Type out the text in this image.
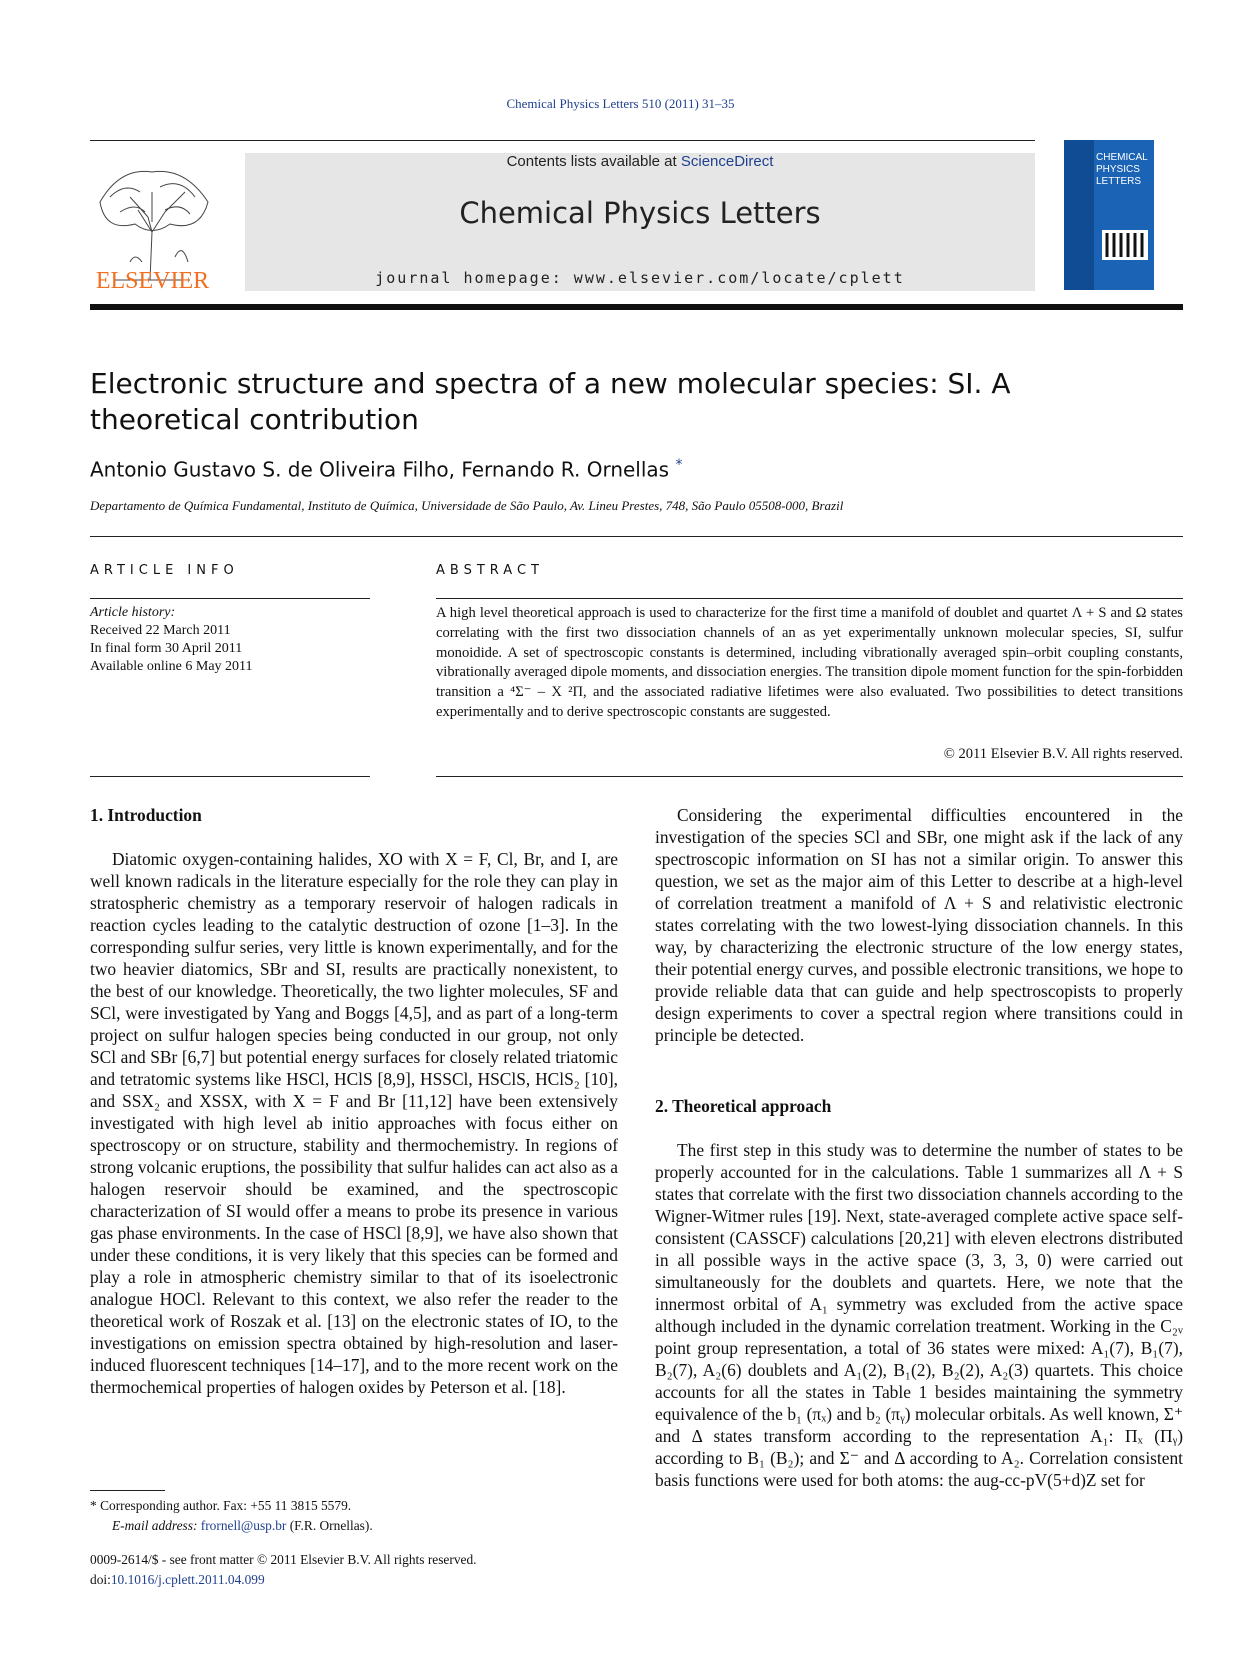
Chemical Physics Letters 510 (2011) 31–35
ELSEVIER
Contents lists available at ScienceDirect
Chemical Physics Letters
journal homepage: www.elsevier.com/locate/cplett
CHEMICAL PHYSICS LETTERS
Electronic structure and spectra of a new molecular species: SI. A theoretical contribution
Antonio Gustavo S. de Oliveira Filho, Fernando R. Ornellas *
Departamento de Química Fundamental, Instituto de Química, Universidade de São Paulo, Av. Lineu Prestes, 748, São Paulo 05508-000, Brazil
ARTICLE INFO	ABSTRACT
Article history:
Received 22 March 2011
In final form 30 April 2011
Available online 6 May 2011
A high level theoretical approach is used to characterize for the first time a manifold of doublet and quartet Λ + S and Ω states correlating with the first two dissociation channels of an as yet experimentally unknown molecular species, SI, sulfur monoidide. A set of spectroscopic constants is determined, including vibrationally averaged spin–orbit coupling constants, vibrationally averaged dipole moments, and dissociation energies. The transition dipole moment function for the spin-forbidden transition a ⁴Σ⁻ – X ²Π, and the associated radiative lifetimes were also evaluated. Two possibilities to detect transitions experimentally and to derive spectroscopic constants are suggested.
© 2011 Elsevier B.V. All rights reserved.
1. Introduction
Diatomic oxygen-containing halides, XO with X = F, Cl, Br, and I, are well known radicals in the literature especially for the role they can play in stratospheric chemistry as a temporary reservoir of halogen radicals in reaction cycles leading to the catalytic destruction of ozone [1–3]. In the corresponding sulfur series, very little is known experimentally, and for the two heavier diatomics, SBr and SI, results are practically nonexistent, to the best of our knowledge. Theoretically, the two lighter molecules, SF and SCl, were investigated by Yang and Boggs [4,5], and as part of a long-term project on sulfur halogen species being conducted in our group, not only SCl and SBr [6,7] but potential energy surfaces for closely related triatomic and tetratomic systems like HSCl, HClS [8,9], HSSCl, HSClS, HClS₂ [10], and SSX₂ and XSSX, with X = F and Br [11,12] have been extensively investigated with high level ab initio approaches with focus either on spectroscopy or on structure, stability and thermochemistry. In regions of strong volcanic eruptions, the possibility that sulfur halides can act also as a halogen reservoir should be examined, and the spectroscopic characterization of SI would offer a means to probe its presence in various gas phase environments. In the case of HSCl [8,9], we have also shown that under these conditions, it is very likely that this species can be formed and play a role in atmospheric chemistry similar to that of its isoelectronic analogue HOCl. Relevant to this context, we also refer the reader to the theoretical work of Roszak et al. [13] on the electronic states of IO, to the investigations on emission spectra obtained by high-resolution and laser-induced fluorescent techniques [14–17], and to the more recent work on the thermochemical properties of halogen oxides by Peterson et al. [18].
Considering the experimental difficulties encountered in the investigation of the species SCl and SBr, one might ask if the lack of any spectroscopic information on SI has not a similar origin. To answer this question, we set as the major aim of this Letter to describe at a high-level of correlation treatment a manifold of Λ + S and relativistic electronic states correlating with the two lowest-lying dissociation channels. In this way, by characterizing the electronic structure of the low energy states, their potential energy curves, and possible electronic transitions, we hope to provide reliable data that can guide and help spectroscopists to properly design experiments to cover a spectral region where transitions could in principle be detected.
2. Theoretical approach
The first step in this study was to determine the number of states to be properly accounted for in the calculations. Table 1 summarizes all Λ + S states that correlate with the first two dissociation channels according to the Wigner-Witmer rules [19]. Next, state-averaged complete active space self-consistent (CASSCF) calculations [20,21] with eleven electrons distributed in all possible ways in the active space (3, 3, 3, 0) were carried out simultaneously for the doublets and quartets. Here, we note that the innermost orbital of A₁ symmetry was excluded from the active space although included in the dynamic correlation treatment. Working in the C₂ᵥ point group representation, a total of 36 states were mixed: A₁(7), B₁(7), B₂(7), A₂(6) doublets and A₁(2), B₁(2), B₂(2), A₂(3) quartets. This choice accounts for all the states in Table 1 besides maintaining the symmetry equivalence of the b₁ (πₓ) and b₂ (πᵧ) molecular orbitals. As well known, Σ⁺ and Δ states transform according to the representation A₁: Πₓ (Πᵧ) according to B₁ (B₂); and Σ⁻ and Δ according to A₂. Correlation consistent basis functions were used for both atoms: the aug-cc-pV(5+d)Z set for
* Corresponding author. Fax: +55 11 3815 5579.
E-mail address: frornell@usp.br (F.R. Ornellas).
0009-2614/$ - see front matter © 2011 Elsevier B.V. All rights reserved.
doi:10.1016/j.cplett.2011.04.099
